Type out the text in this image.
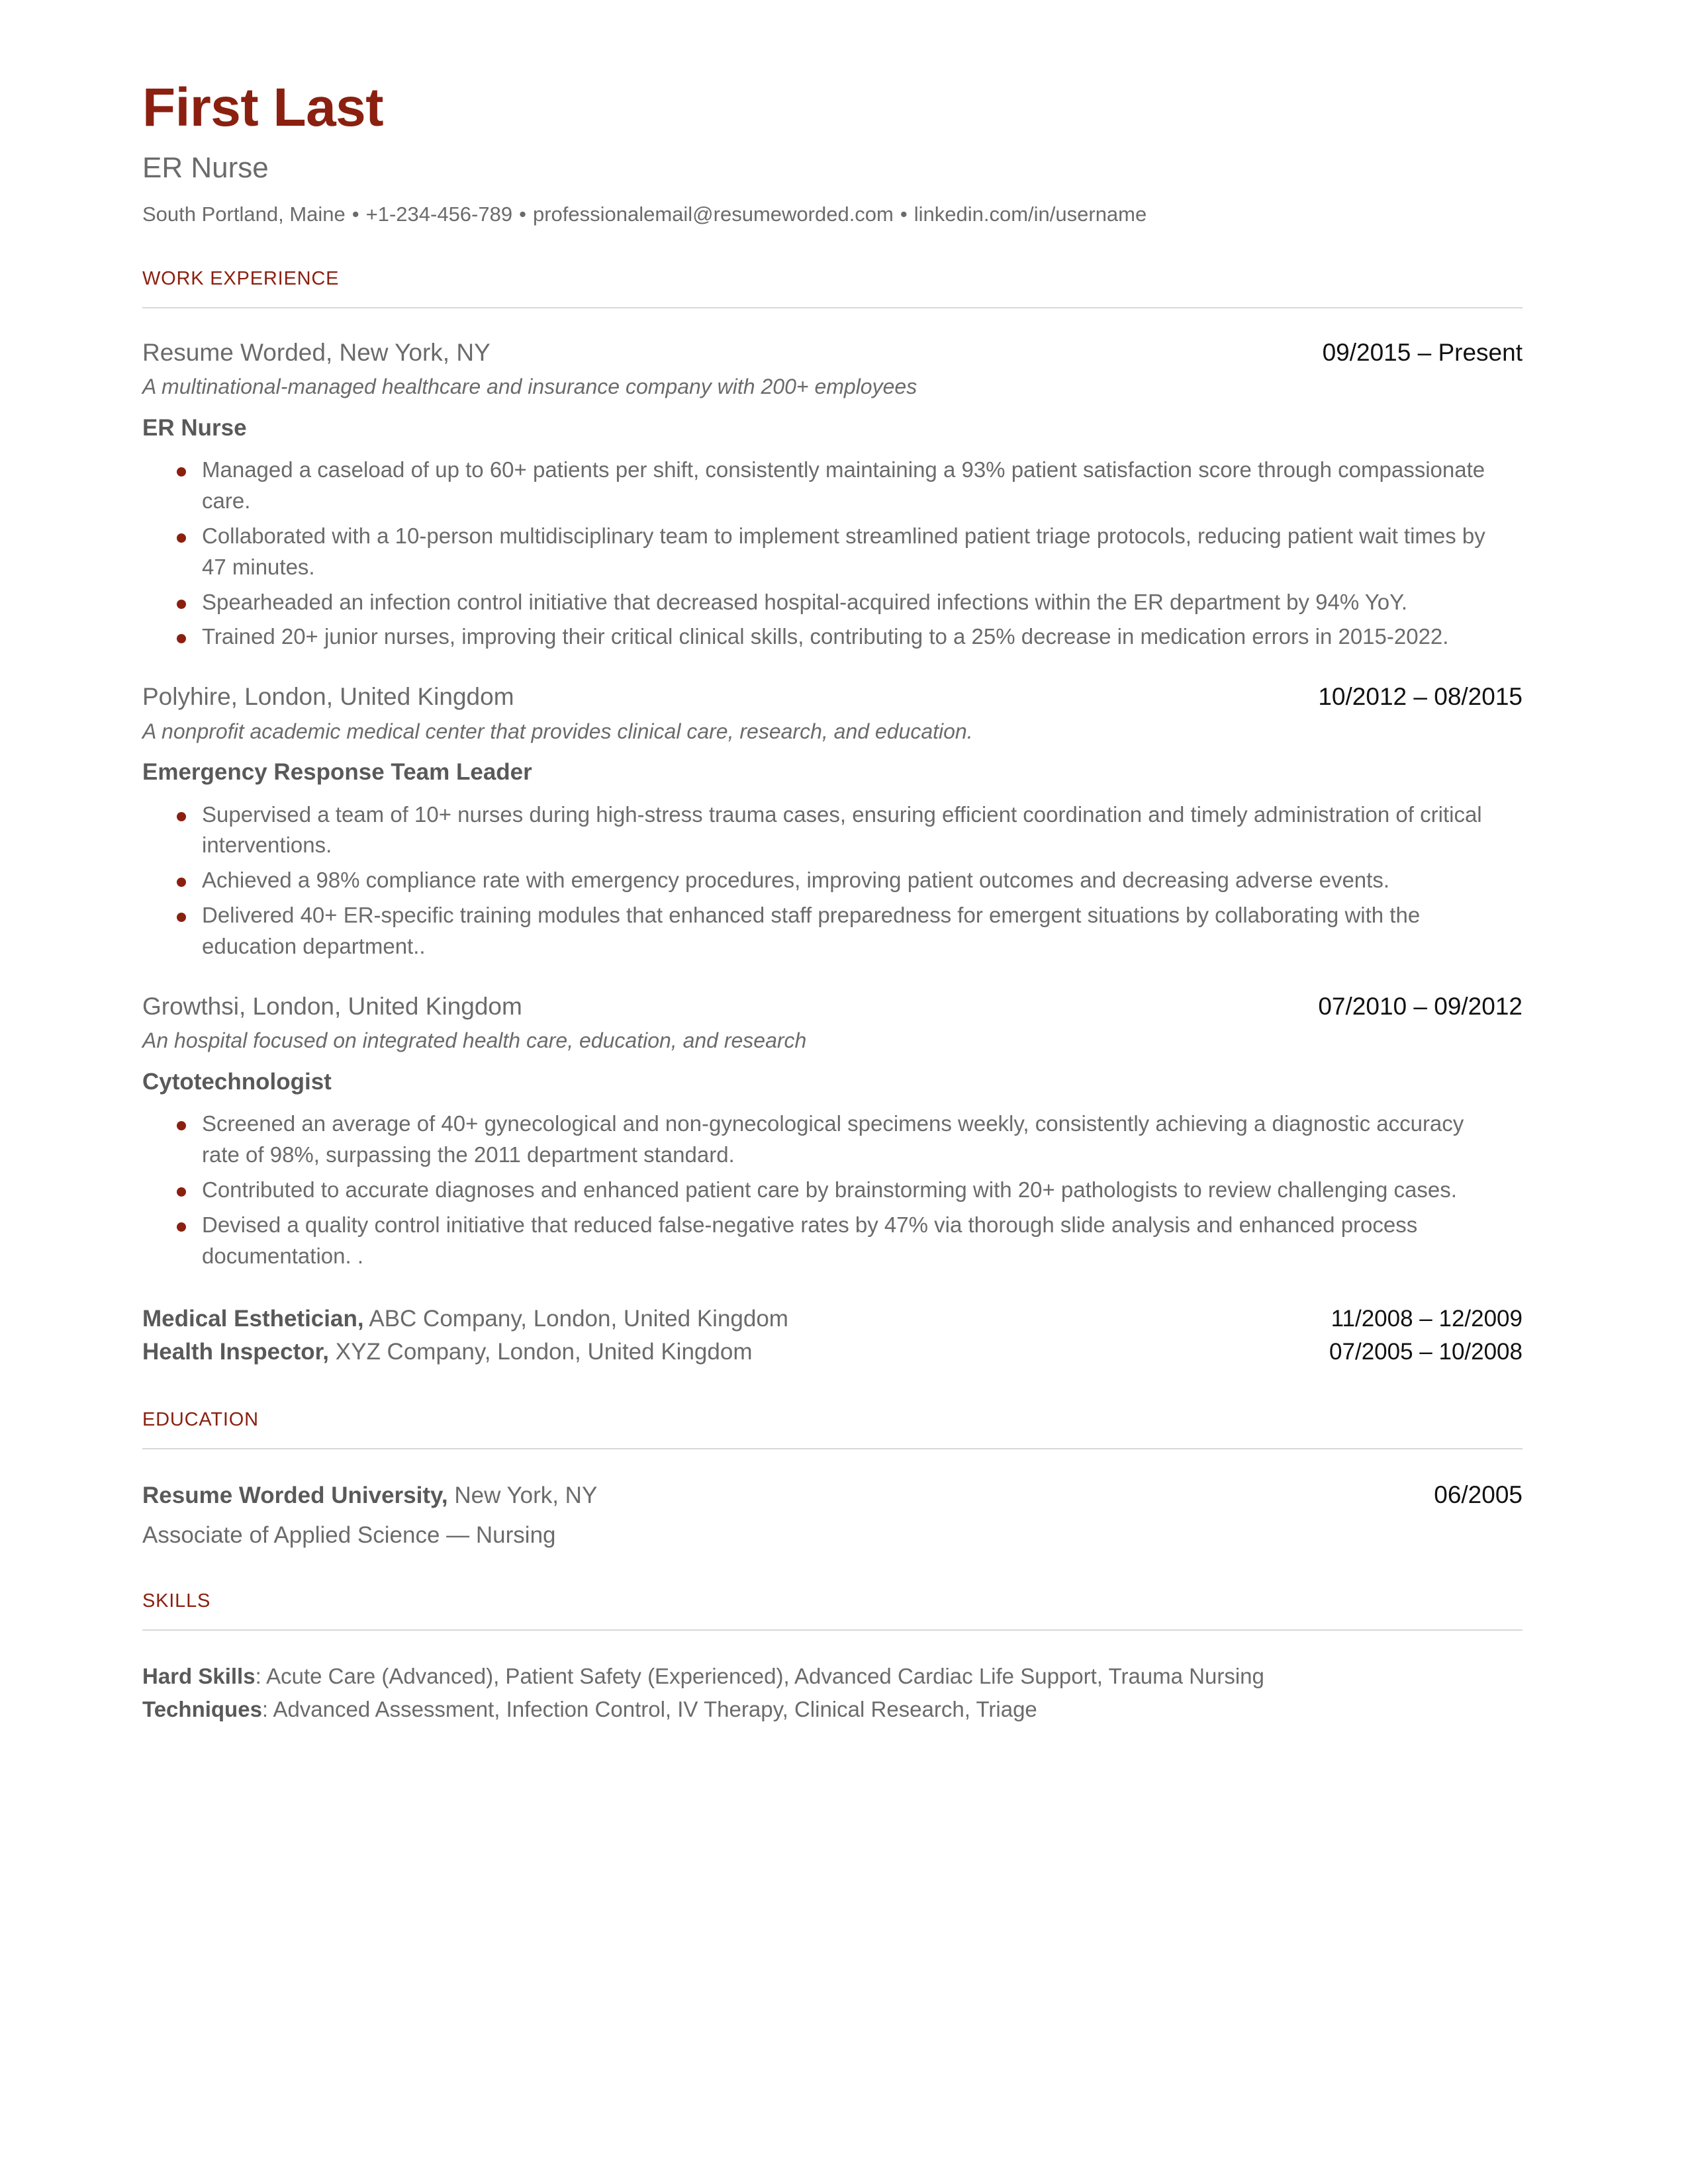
First Last
ER Nurse
South Portland, Maine • +1-234-456-789 • professionalemail@resumeworded.com • linkedin.com/in/username
WORK EXPERIENCE
Resume Worded, New York, NY	09/2015 – Present
A multinational-managed healthcare and insurance company with 200+ employees
ER Nurse
Managed a caseload of up to 60+ patients per shift, consistently maintaining a 93% patient satisfaction score through compassionate care.
Collaborated with a 10-person multidisciplinary team to implement streamlined patient triage protocols, reducing patient wait times by 47 minutes.
Spearheaded an infection control initiative that decreased hospital-acquired infections within the ER department by 94% YoY.
Trained 20+ junior nurses, improving their critical clinical skills, contributing to a 25% decrease in medication errors in 2015-2022.
Polyhire, London, United Kingdom	10/2012 – 08/2015
A nonprofit academic medical center that provides clinical care, research, and education.
Emergency Response Team Leader
Supervised a team of 10+ nurses during high-stress trauma cases, ensuring efficient coordination and timely administration of critical interventions.
Achieved a 98% compliance rate with emergency procedures, improving patient outcomes and decreasing adverse events.
Delivered 40+ ER-specific training modules that enhanced staff preparedness for emergent situations by collaborating with the education department..
Growthsi, London, United Kingdom	07/2010 – 09/2012
An hospital focused on integrated health care, education, and research
Cytotechnologist
Screened an average of 40+ gynecological and non-gynecological specimens weekly, consistently achieving a diagnostic accuracy rate of 98%, surpassing the 2011 department standard.
Contributed to accurate diagnoses and enhanced patient care by brainstorming with 20+ pathologists to review challenging cases.
Devised a quality control initiative that reduced false-negative rates by 47% via thorough slide analysis and enhanced process documentation. .
Medical Esthetician, ABC Company, London, United Kingdom	11/2008 – 12/2009
Health Inspector, XYZ Company, London, United Kingdom	07/2005 – 10/2008
EDUCATION
Resume Worded University, New York, NY	06/2005
Associate of Applied Science — Nursing
SKILLS
Hard Skills: Acute Care (Advanced), Patient Safety (Experienced), Advanced Cardiac Life Support, Trauma Nursing
Techniques: Advanced Assessment, Infection Control, IV Therapy, Clinical Research, Triage
